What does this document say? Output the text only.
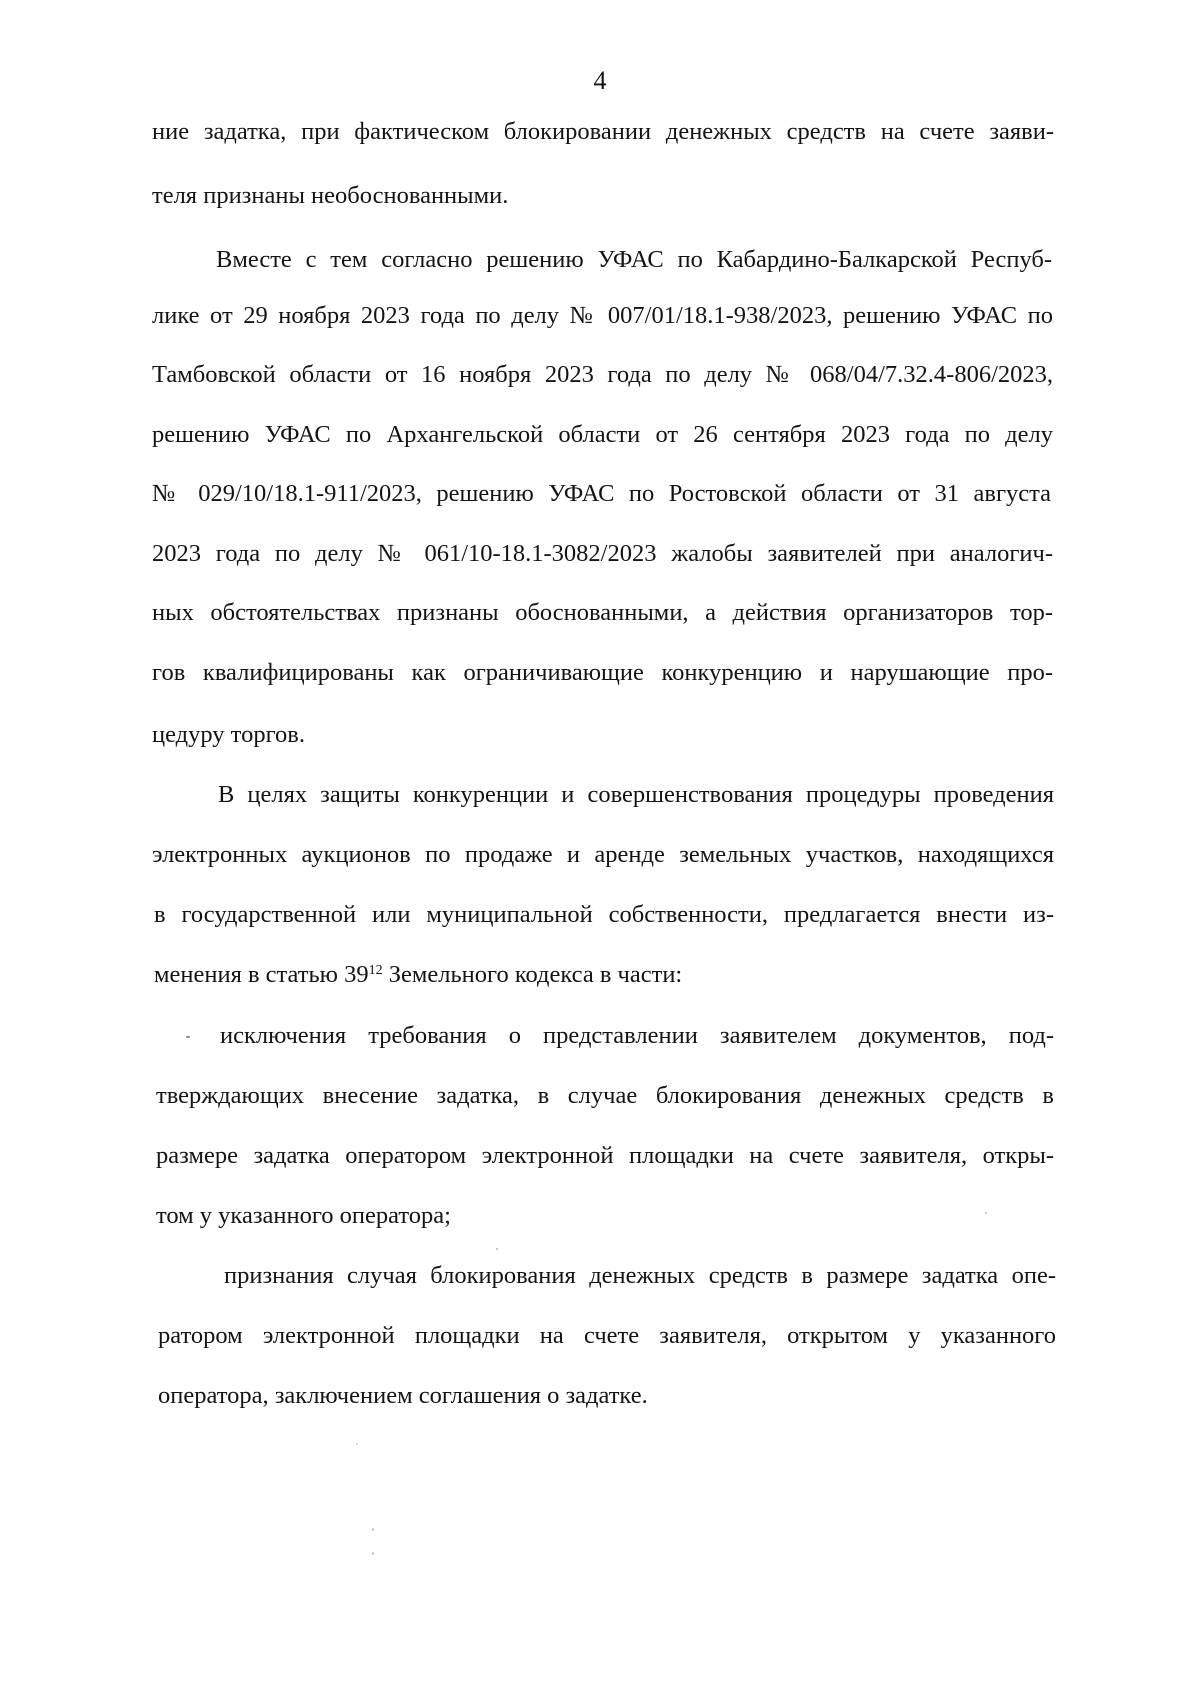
4
ние задатка, при фактическом блокировании денежных средств на счете заяви-
теля признаны необоснованными.
Вместе с тем согласно решению УФАС по Кабардино-Балкарской Респуб-
лике от 29 ноября 2023 года по делу № 007/01/18.1-938/2023, решению УФАС по
Тамбовской области от 16 ноября 2023 года по делу № 068/04/7.32.4-806/2023,
решению УФАС по Архангельской области от 26 сентября 2023 года по делу
№ 029/10/18.1-911/2023, решению УФАС по Ростовской области от 31 августа
2023 года по делу № 061/10-18.1-3082/2023 жалобы заявителей при аналогич-
ных обстоятельствах признаны обоснованными, а действия организаторов тор-
гов квалифицированы как ограничивающие конкуренцию и нарушающие про-
цедуру торгов.
В целях защиты конкуренции и совершенствования процедуры проведения
электронных аукционов по продаже и аренде земельных участков, находящихся
в государственной или муниципальной собственности, предлагается внести из-
менения в статью $39^{12}$ Земельного кодекса в части:
исключения требования о представлении заявителем документов, под-
тверждающих внесение задатка, в случае блокирования денежных средств в
размере задатка оператором электронной площадки на счете заявителя, откры-
том у указанного оператора;
признания случая блокирования денежных средств в размере задатка опе-
ратором электронной площадки на счете заявителя, открытом у указанного
оператора, заключением соглашения о задатке.
